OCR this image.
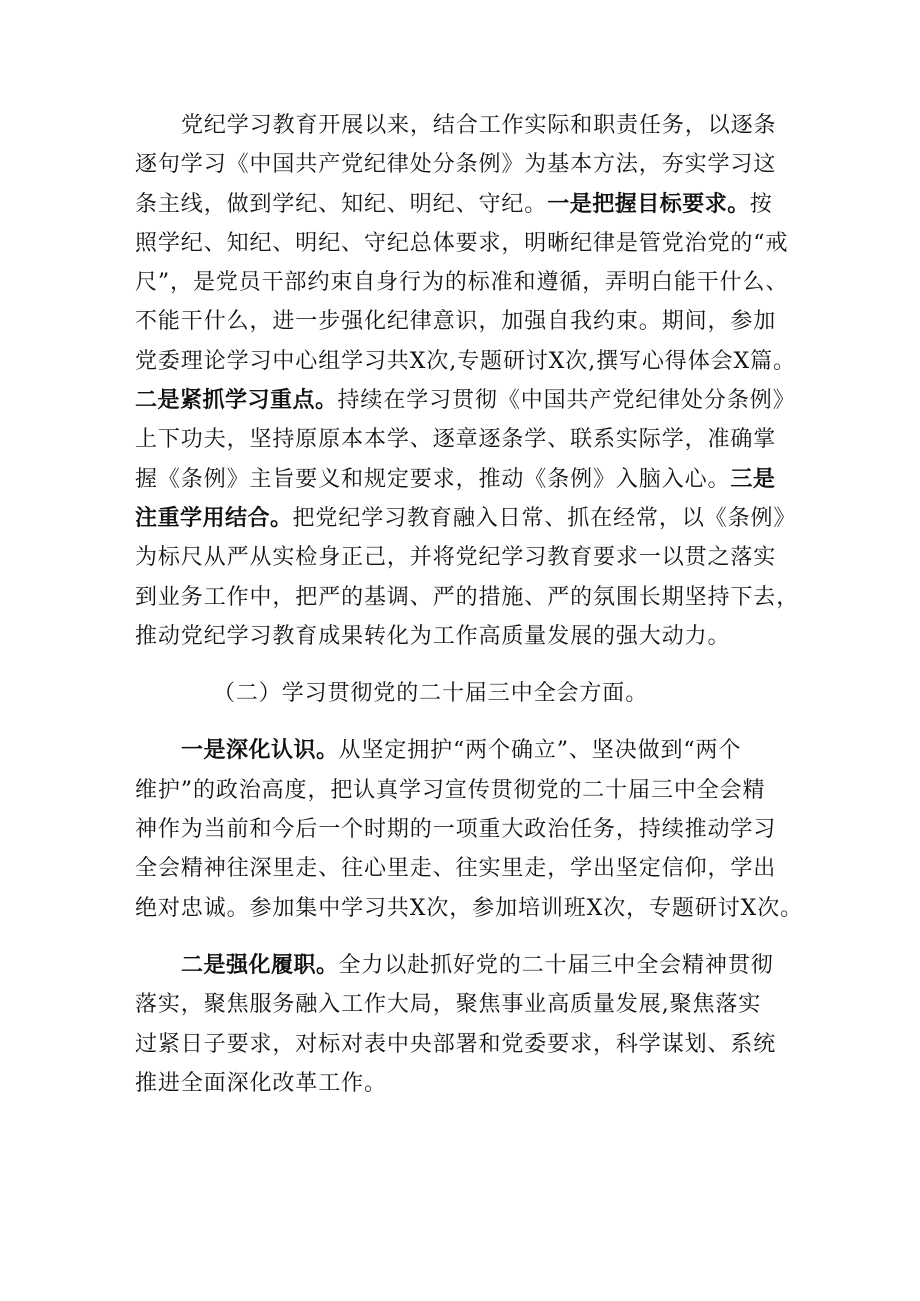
党纪学习教育开展以来，结合工作实际和职责任务，以逐条
逐句学习《中国共产党纪律处分条例》为基本方法，夯实学习这
条主线，做到学纪、知纪、明纪、守纪。一是把握目标要求。按
照学纪、知纪、明纪、守纪总体要求，明晰纪律是管党治党的“戒
尺”，是党员干部约束自身行为的标准和遵循，弄明白能干什么、
不能干什么，进一步强化纪律意识，加强自我约束。期间，参加
党委理论学习中心组学习共X次,专题研讨X次,撰写心得体会X篇。
二是紧抓学习重点。持续在学习贯彻《中国共产党纪律处分条例》
上下功夫，坚持原原本本学、逐章逐条学、联系实际学，准确掌
握《条例》主旨要义和规定要求，推动《条例》入脑入心。三是
注重学用结合。把党纪学习教育融入日常、抓在经常，以《条例》
为标尺从严从实检身正己，并将党纪学习教育要求一以贯之落实
到业务工作中，把严的基调、严的措施、严的氛围长期坚持下去，
推动党纪学习教育成果转化为工作高质量发展的强大动力。
（二）学习贯彻党的二十届三中全会方面。
一是深化认识。从坚定拥护“两个确立”、坚决做到“两个
维护”的政治高度，把认真学习宣传贯彻党的二十届三中全会精
神作为当前和今后一个时期的一项重大政治任务，持续推动学习
全会精神往深里走、往心里走、往实里走，学出坚定信仰，学出
绝对忠诚。参加集中学习共X次，参加培训班X次，专题研讨X次。
二是强化履职。全力以赴抓好党的二十届三中全会精神贯彻
落实，聚焦服务融入工作大局，聚焦事业高质量发展,聚焦落实
过紧日子要求，对标对表中央部署和党委要求，科学谋划、系统
推进全面深化改革工作。
